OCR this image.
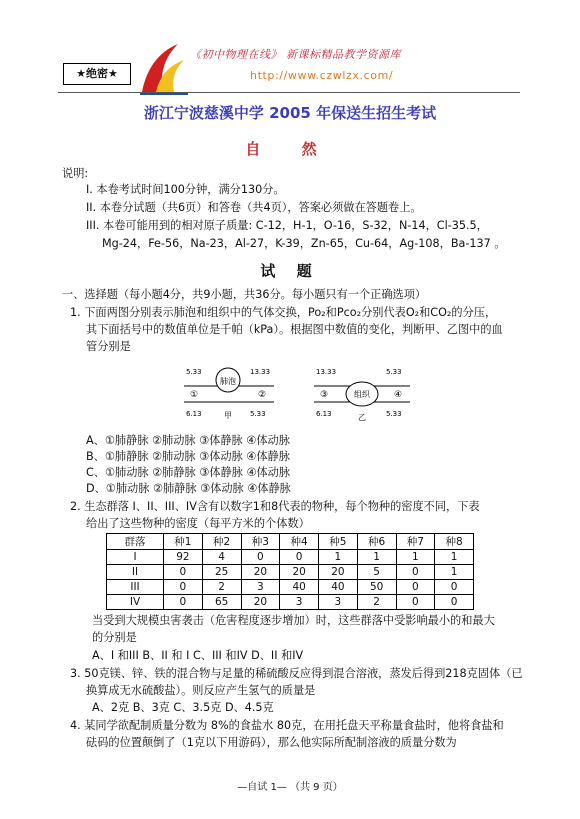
★绝密★
《初中物理在线》 新课标精品教学资源库
http://www.czwlzx.com/
浙江宁波慈溪中学 2005 年保送生招生考试
自 然
说明:
I. 本卷考试时间100分钟，满分130分。
II. 本卷分试题（共6页）和答卷（共4页），答案必须做在答题卷上。
III. 本卷可能用到的相对原子质量: C-12，H-1，O-16，S-32，N-14，Cl-35.5，
Mg-24，Fe-56，Na-23，Al-27，K-39，Zn-65，Cu-64，Ag-108，Ba-137 。
试 题
一、选择题（每小题4分，共9小题，共36分。每小题只有一个正确选项）
1. 下面两图分别表示肺泡和组织中的气体交换，Po₂和Pco₂分别代表O₂和CO₂的分压，
其下面括号中的数值单位是千帕（kPa）。根据图中数值的变化，判断甲、乙图中的血
管分别是
肺泡
5.33	13.33
6.13	5.33
①	②
甲
组织
13.33	5.33
6.13	5.33
③	④
乙
A、①肺静脉 ②肺动脉 ③体静脉 ④体动脉
B、①肺静脉 ②肺动脉 ③体动脉 ④体静脉
C、①肺动脉 ②肺静脉 ③体静脉 ④体动脉
D、①肺动脉 ②肺静脉 ③体动脉 ④体静脉
2. 生态群落 I、II、III、IV含有以数字1和8代表的物种，每个物种的密度不同，下表
给出了这些物种的密度（每平方米的个体数）
群落	种1	种2	种3	种4	种5	种6	种7	种8
I	92	4	0	0	1	1	1	1
II	0	25	20	20	20	5	0	1
III	0	2	3	40	40	50	0	0
IV	0	65	20	3	3	2	0	0
当受到大规模虫害袭击（危害程度逐步增加）时，这些群落中受影响最小的和最大
的分别是
A、I 和III B、II 和 I C、III 和IV D、II 和IV
3. 50克镁、锌、铁的混合物与足量的稀硫酸反应得到混合溶液，蒸发后得到218克固体（已
换算成无水硫酸盐）。则反应产生氢气的质量是
A、2克 B、3克 C、3.5克 D、4.5克
4. 某同学欲配制质量分数为 8%的食盐水 80克，在用托盘天平称量食盐时，他将食盐和
砝码的位置颠倒了（1克以下用游码），那么他实际所配制溶液的质量分数为
—自试 1— （共 9 页）
